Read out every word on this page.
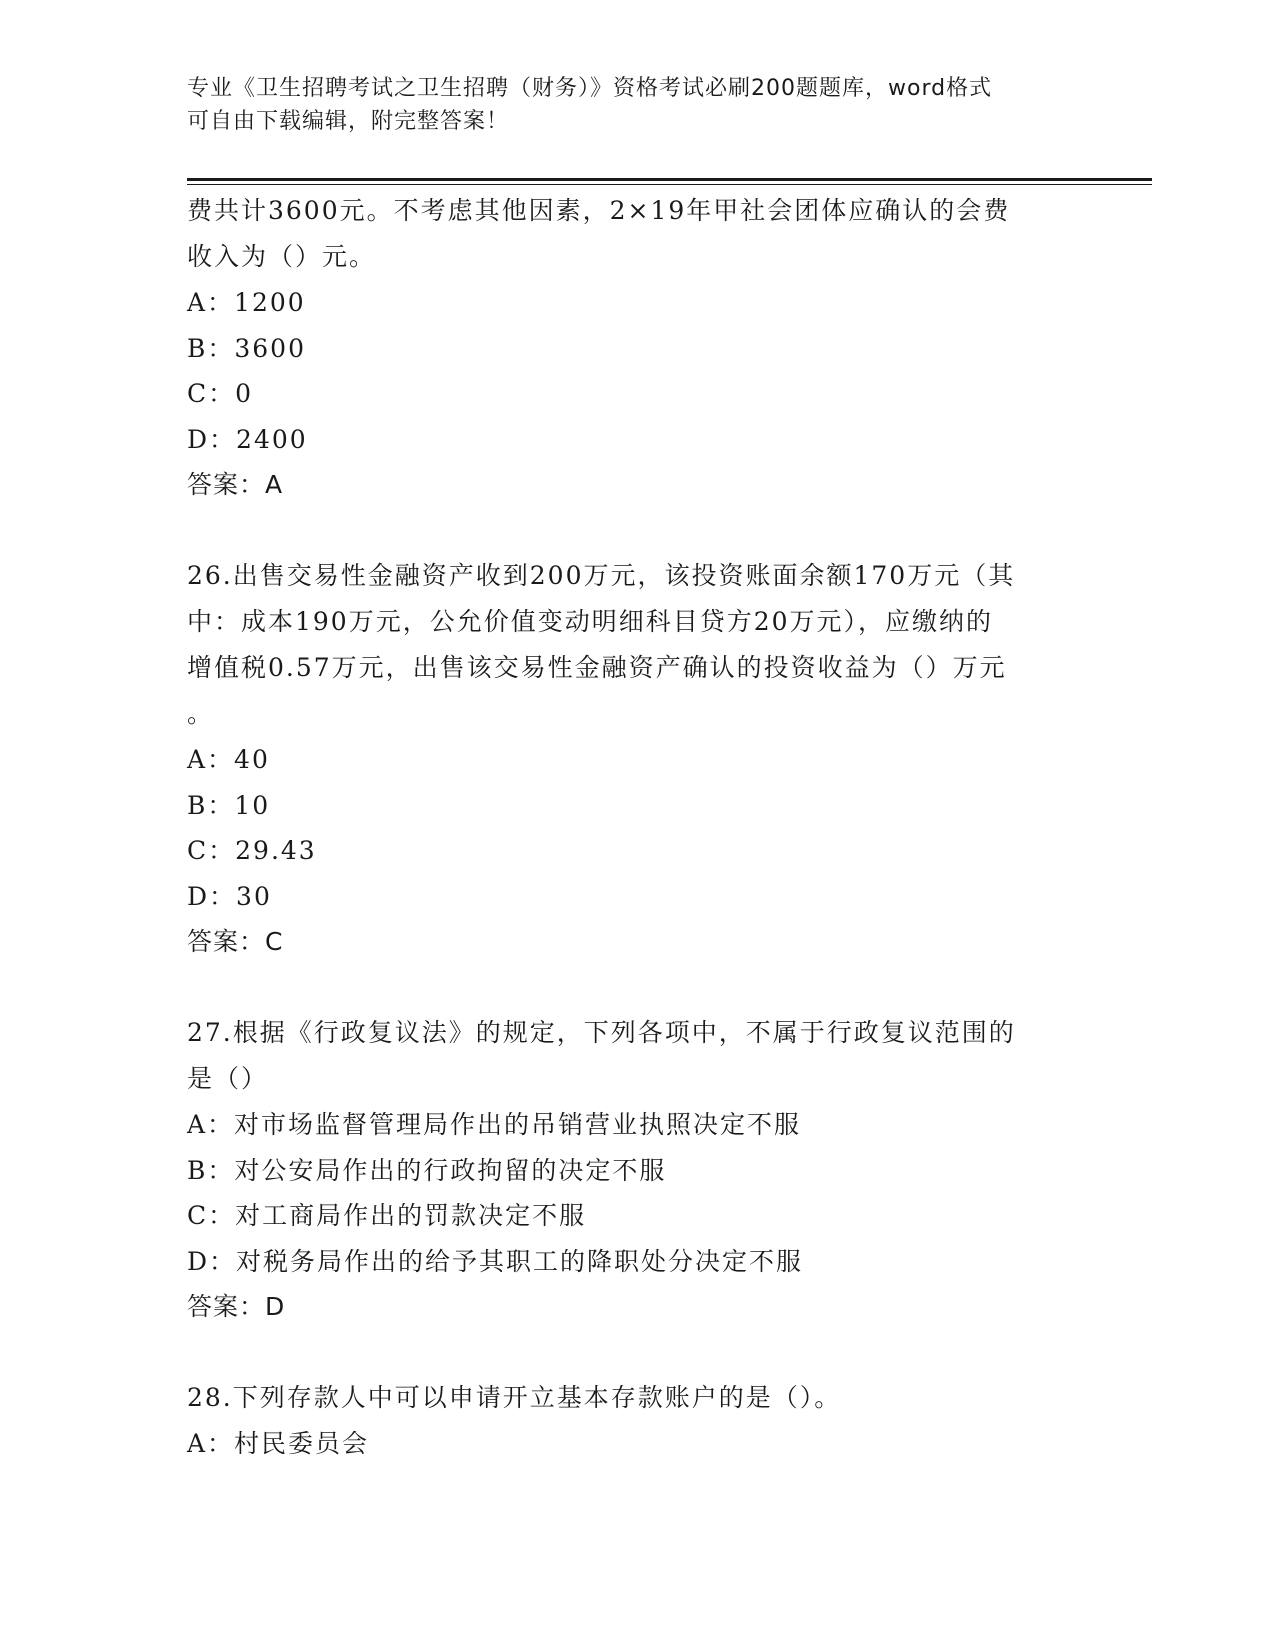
专业《卫生招聘考试之卫生招聘（财务）》资格考试必刷200题题库，word格式
可自由下载编辑，附完整答案！

费共计3600元。不考虑其他因素，2×19年甲社会团体应确认的会费

收入为（）元。

A：1200

B：3600

C：0

D：2400

答案：A

26.出售交易性金融资产收到200万元，该投资账面余额170万元（其

中：成本190万元，公允价值变动明细科目贷方20万元），应缴纳的

增值税0.57万元，出售该交易性金融资产确认的投资收益为（）万元

。

A：40

B：10

C：29.43

D：30

答案：C

27.根据《行政复议法》的规定，下列各项中，不属于行政复议范围的

是（）

A：对市场监督管理局作出的吊销营业执照决定不服

B：对公安局作出的行政拘留的决定不服

C：对工商局作出的罚款决定不服

D：对税务局作出的给予其职工的降职处分决定不服

答案：D

28.下列存款人中可以申请开立基本存款账户的是（）。

A：村民委员会
